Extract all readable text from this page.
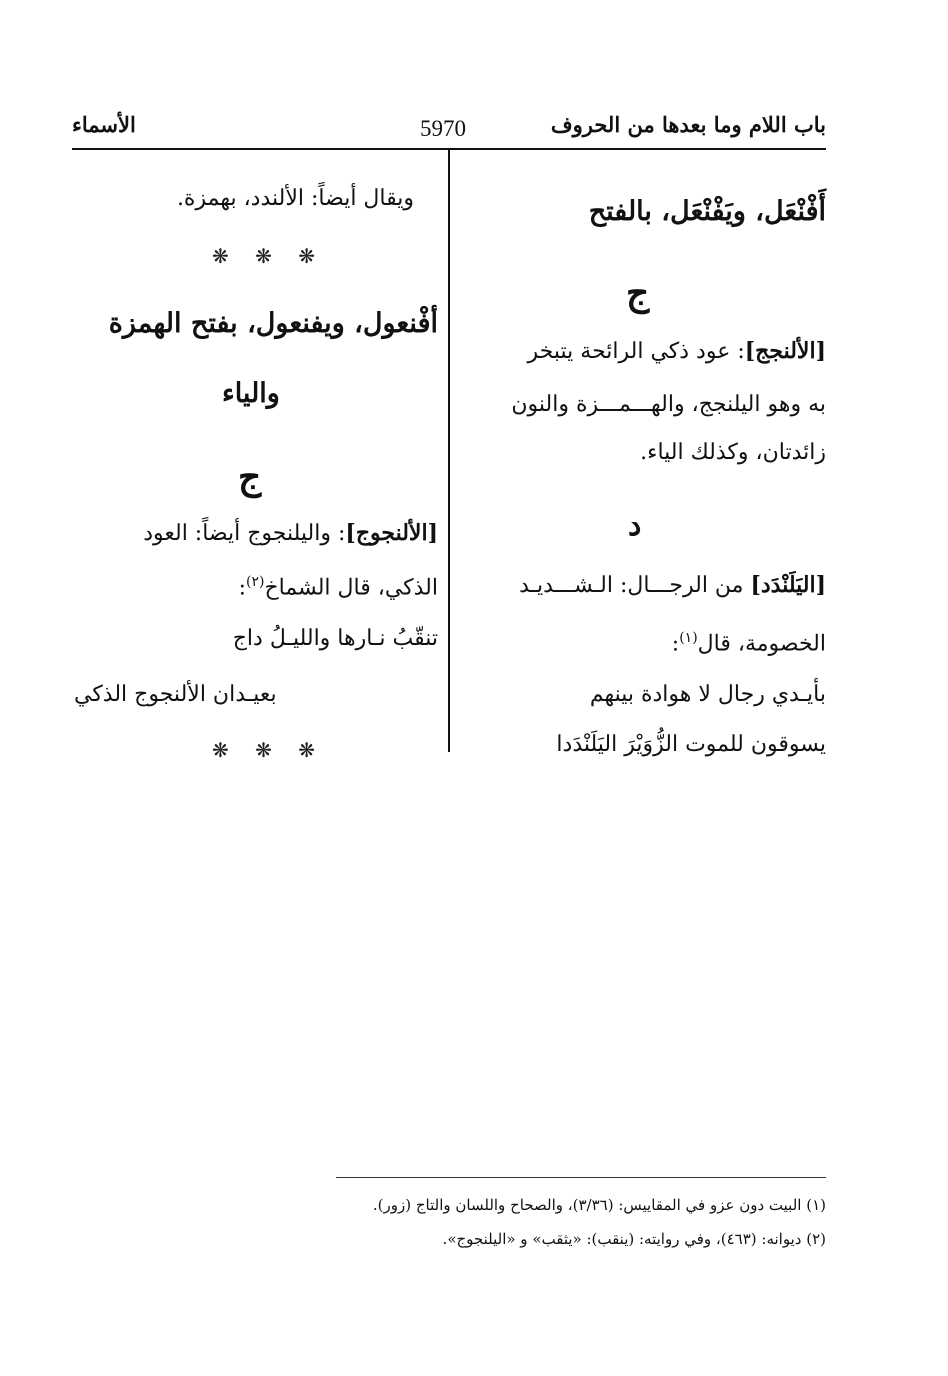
باب اللام وما بعدها من الحروف
5970
الأسماء
أَفْنْعَل، ويَفْنْعَل، بالفتح
ج
[الألنجج]: عود ذكي الرائحة يتبخر
به وهو اليلنجج، والهـــمـــزة والنون
زائدتان، وكذلك الياء.
د
[اليَلَنْدَد] من الرجـــال: الـشـــديـد
الخصومة، قال$^{(١)}$:
بأيـدي رجال لا هوادة بينهم
يسوقون للموت الزُّوَيْرَ اليَلَنْدَدا
ويقال أيضاً: الألندد، بهمزة.
❋ ❋ ❋
أفْنعول، ويفنعول، بفتح الهمزة
والياء
ج
[الألنجوج]: واليلنجوج أيضاً: العود
الذكي، قال الشماخ$^{(٢)}$:
تنقّبُ نـارها والليـلُ داج
بعيـدان الألنجوج الذكي
❋ ❋ ❋
(١) البيت دون عزو في المقاييس: (٣/٣٦)، والصحاح واللسان والتاج (زور).
(٢) ديوانه: (٤٦٣)، وفي روايته: (ينقب): «يثقب» و «اليلنجوج».
